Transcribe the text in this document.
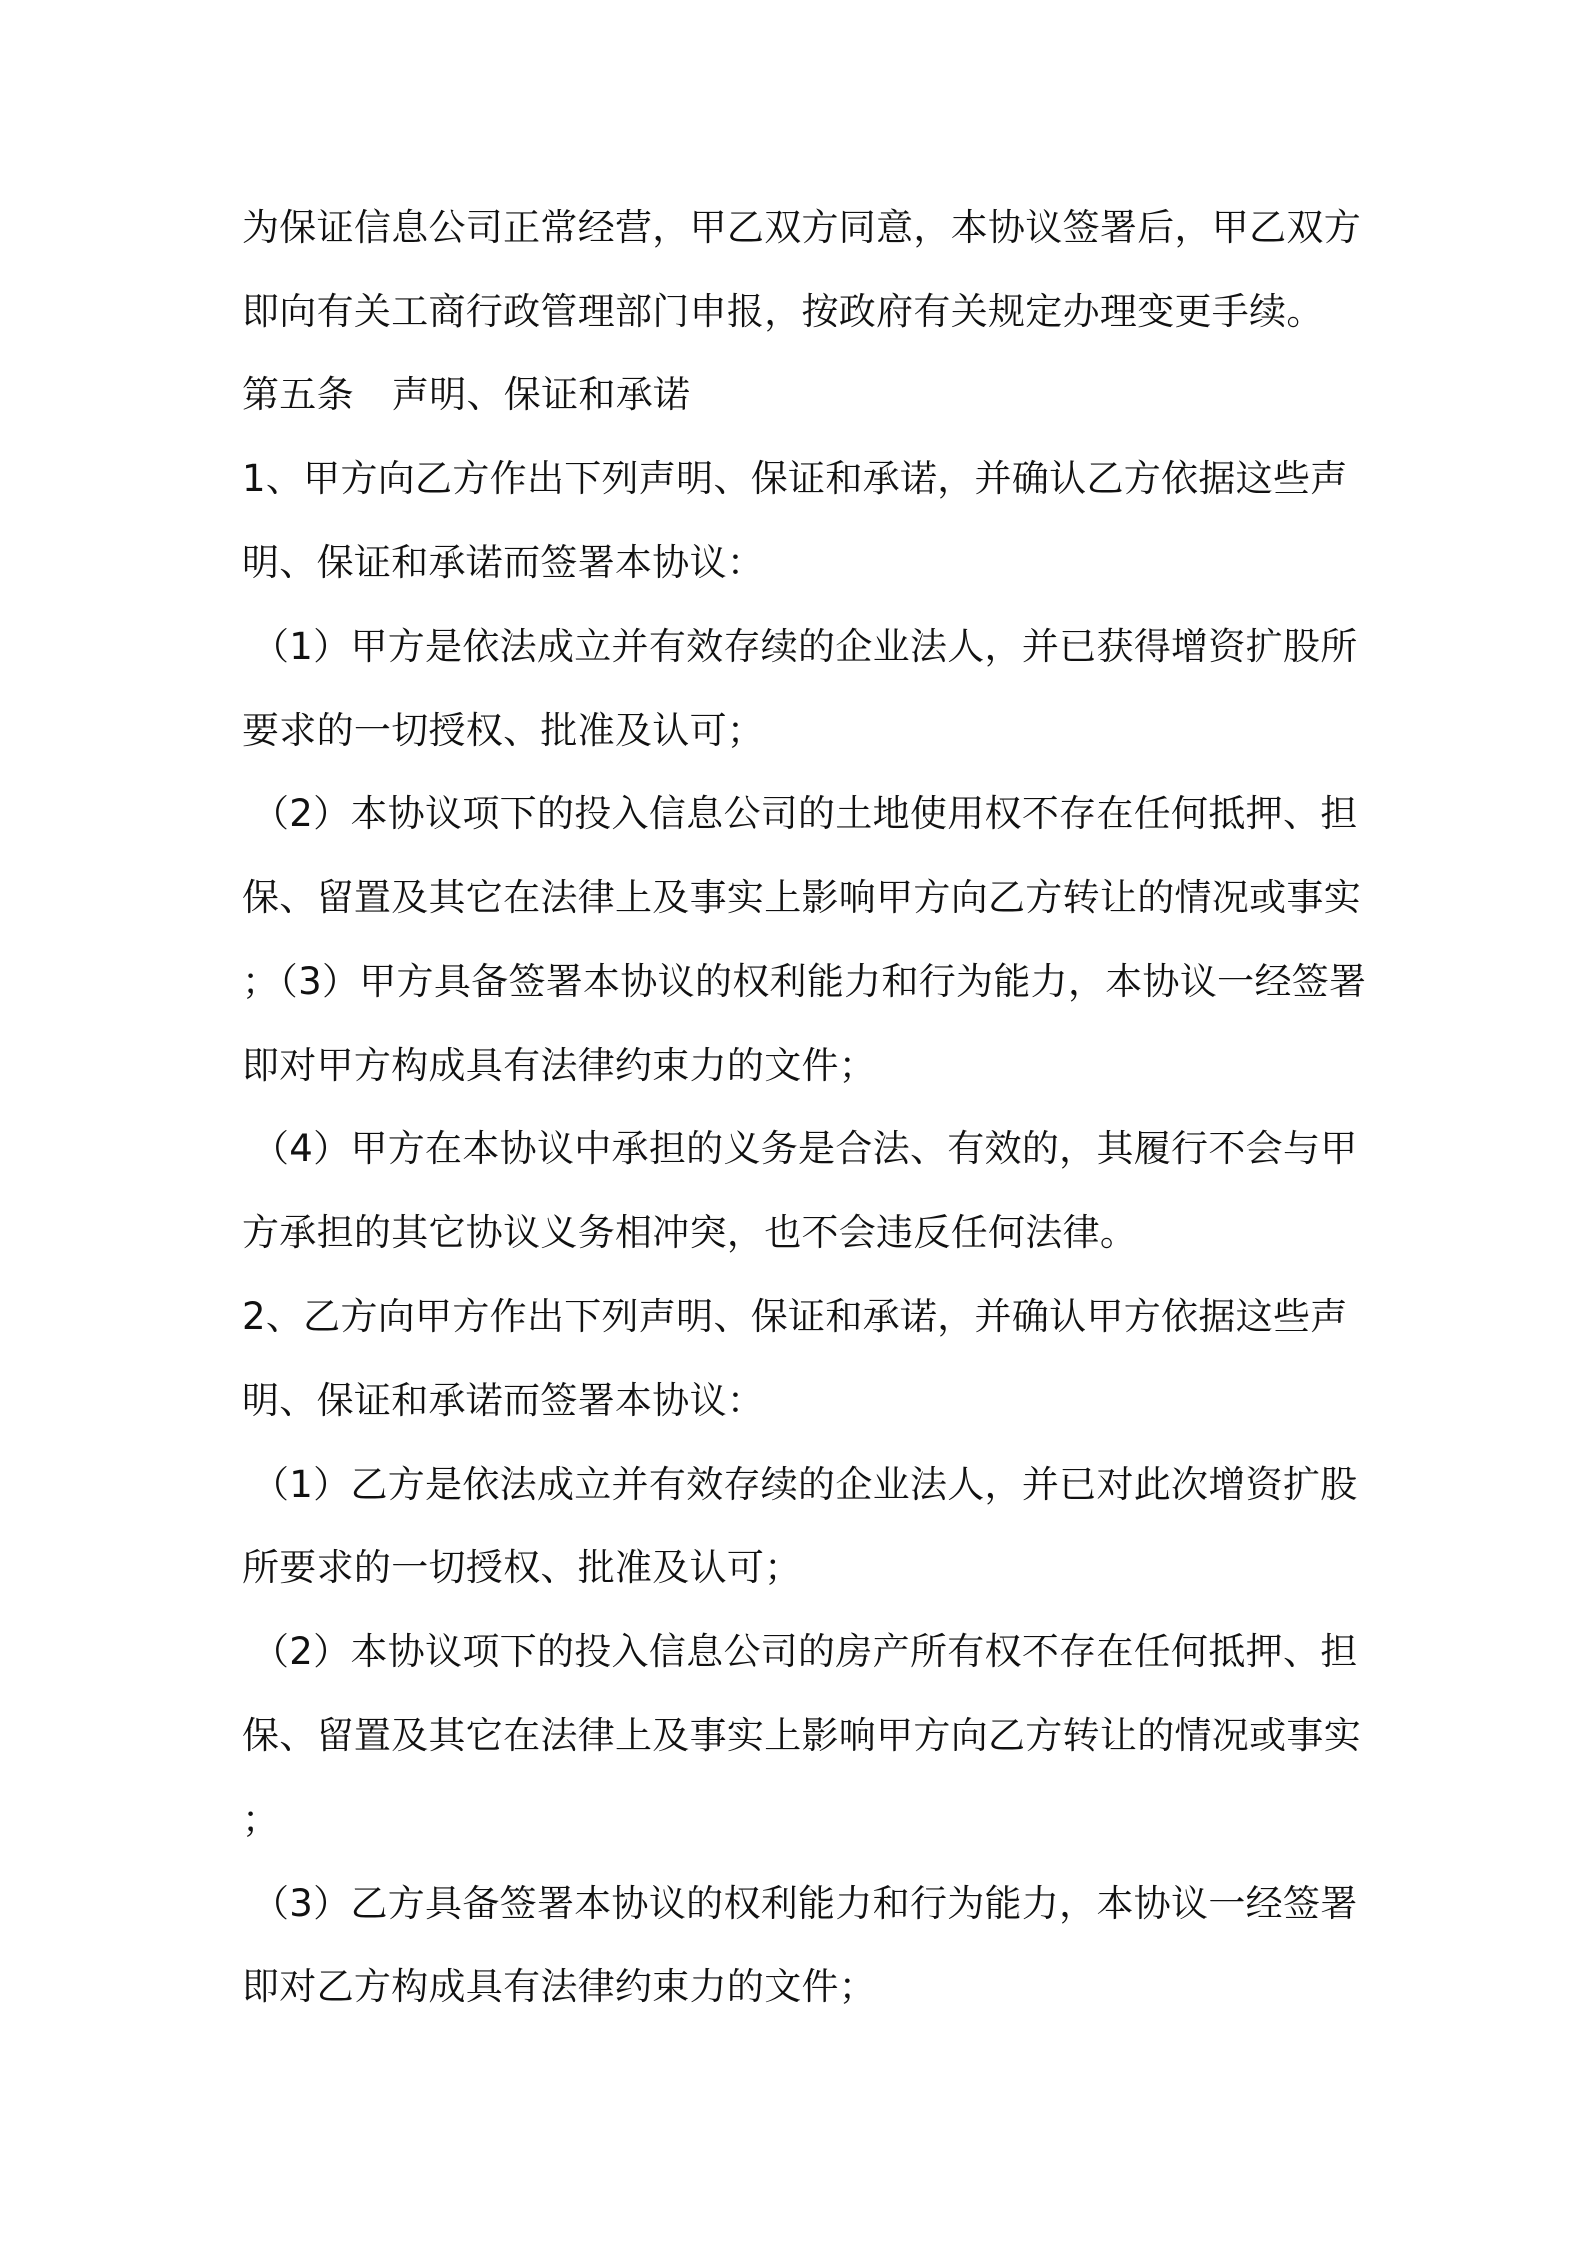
为保证信息公司正常经营，甲乙双方同意，本协议签署后，甲乙双方
即向有关工商行政管理部门申报，按政府有关规定办理变更手续。
第五条 声明、保证和承诺
1、甲方向乙方作出下列声明、保证和承诺，并确认乙方依据这些声
明、保证和承诺而签署本协议：
（1）甲方是依法成立并有效存续的企业法人，并已获得增资扩股所
要求的一切授权、批准及认可；
（2）本协议项下的投入信息公司的土地使用权不存在任何抵押、担
保、留置及其它在法律上及事实上影响甲方向乙方转让的情况或事实
；（3）甲方具备签署本协议的权利能力和行为能力，本协议一经签署
即对甲方构成具有法律约束力的文件；
（4）甲方在本协议中承担的义务是合法、有效的，其履行不会与甲
方承担的其它协议义务相冲突，也不会违反任何法律。
2、乙方向甲方作出下列声明、保证和承诺，并确认甲方依据这些声
明、保证和承诺而签署本协议：
（1）乙方是依法成立并有效存续的企业法人，并已对此次增资扩股
所要求的一切授权、批准及认可；
（2）本协议项下的投入信息公司的房产所有权不存在任何抵押、担
保、留置及其它在法律上及事实上影响甲方向乙方转让的情况或事实
；
（3）乙方具备签署本协议的权利能力和行为能力，本协议一经签署
即对乙方构成具有法律约束力的文件；
